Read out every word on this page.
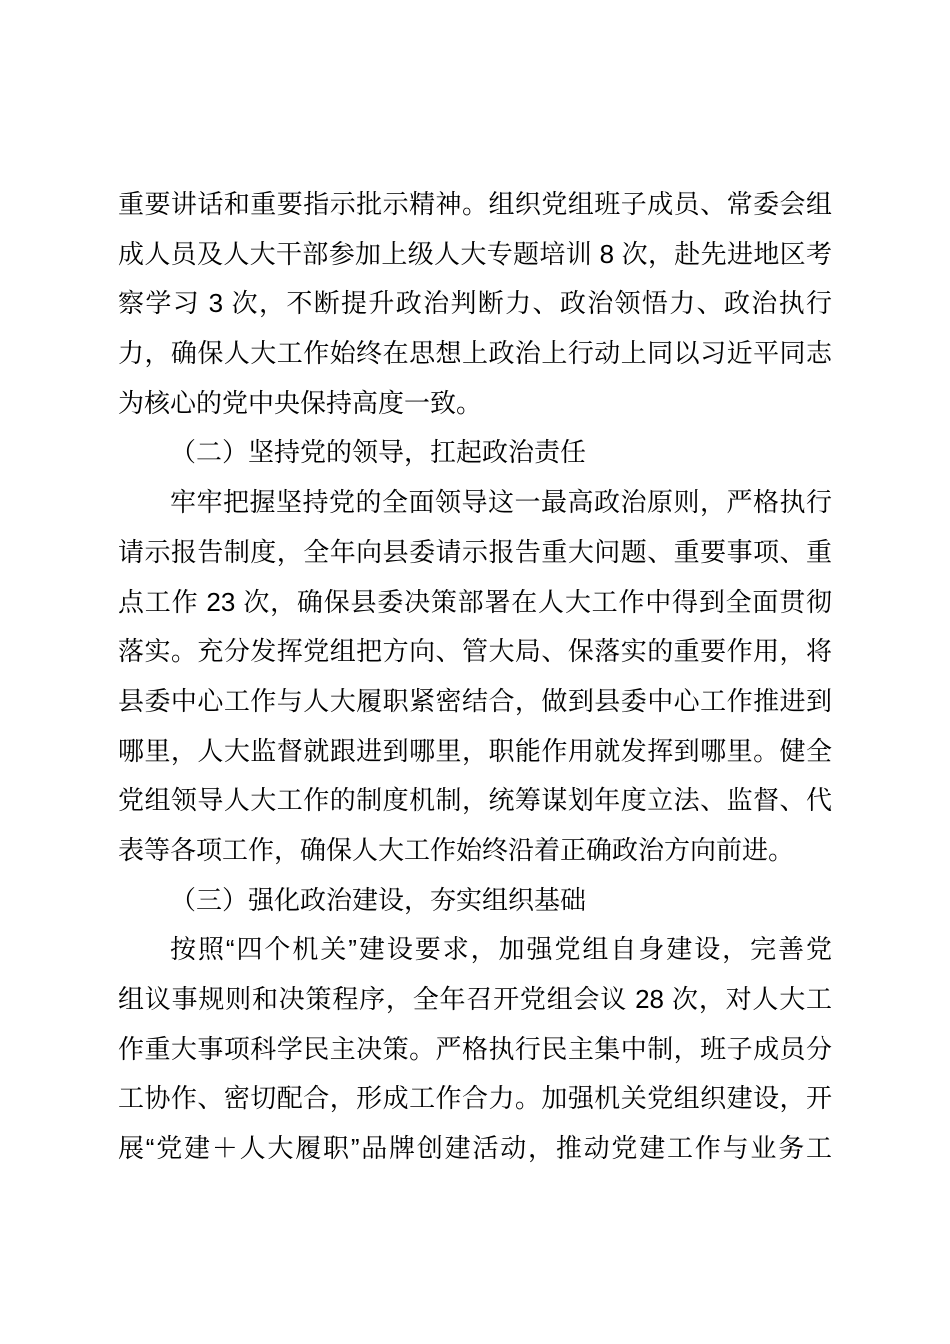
重要讲话和重要指示批示精神。组织党组班子成员、常委会组
成人员及人大干部参加上级人大专题培训 8 次，赴先进地区考
察学习 3 次，不断提升政治判断力、政治领悟力、政治执行
力，确保人大工作始终在思想上政治上行动上同以习近平同志
为核心的党中央保持高度一致。
（二）坚持党的领导，扛起政治责任
牢牢把握坚持党的全面领导这一最高政治原则，严格执行
请示报告制度，全年向县委请示报告重大问题、重要事项、重
点工作 23 次，确保县委决策部署在人大工作中得到全面贯彻
落实。充分发挥党组把方向、管大局、保落实的重要作用，将
县委中心工作与人大履职紧密结合，做到县委中心工作推进到
哪里，人大监督就跟进到哪里，职能作用就发挥到哪里。健全
党组领导人大工作的制度机制，统筹谋划年度立法、监督、代
表等各项工作，确保人大工作始终沿着正确政治方向前进。
（三）强化政治建设，夯实组织基础
按照“四个机关”建设要求，加强党组自身建设，完善党
组议事规则和决策程序，全年召开党组会议 28 次，对人大工
作重大事项科学民主决策。严格执行民主集中制，班子成员分
工协作、密切配合，形成工作合力。加强机关党组织建设，开
展“党建＋人大履职”品牌创建活动，推动党建工作与业务工
